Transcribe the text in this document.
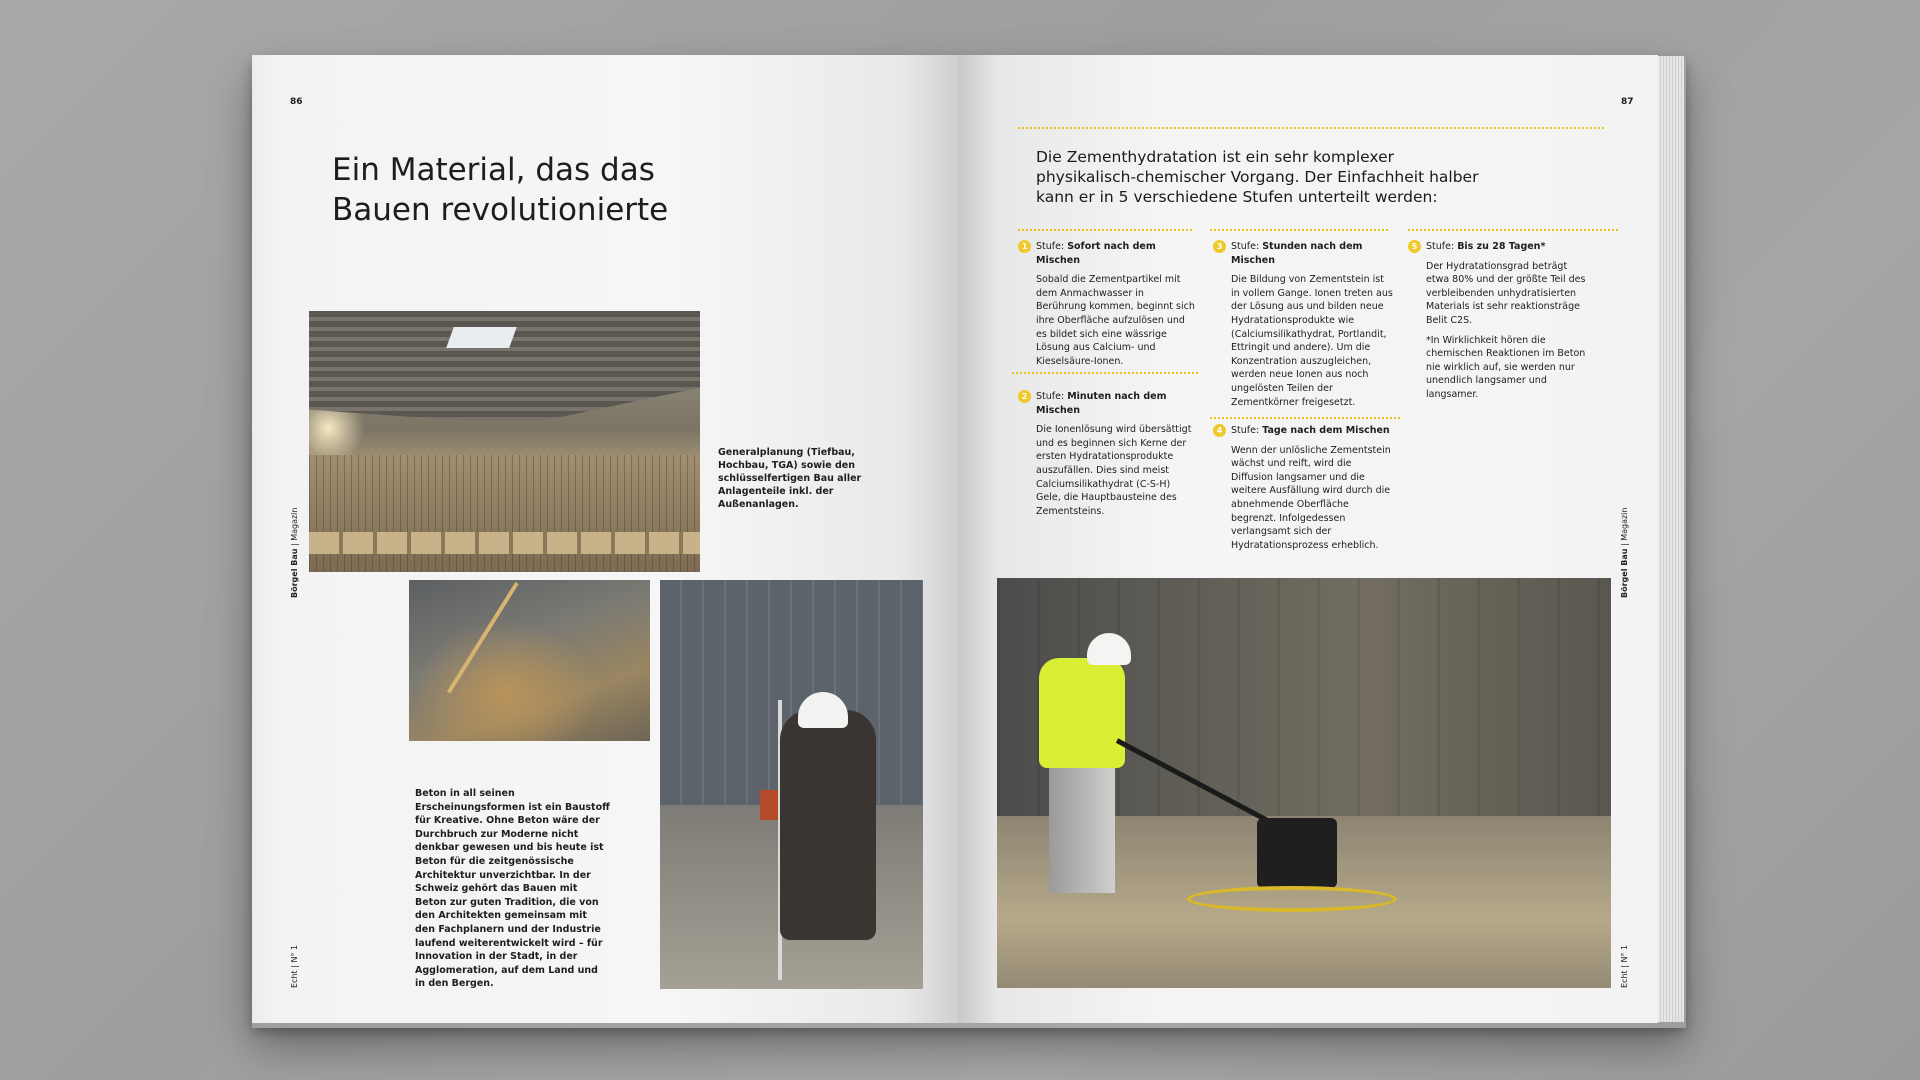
86
Börgel Bau | Magazin
Echt | N° 1
Ein Material, das das Bauen revolutionierte
Generalplanung (Tiefbau, Hochbau, TGA) sowie den schlüsselfertigen Bau aller Anlagenteile inkl. der Außenanlagen.
Beton in all seinen Erscheinungsformen ist ein Baustoff für Kreative. Ohne Beton wäre der Durchbruch zur Moderne nicht denkbar gewesen und bis heute ist Beton für die zeitgenössische Architektur unverzichtbar. In der Schweiz gehört das Bauen mit Beton zur guten Tradition, die von den Architekten gemeinsam mit den Fachplanern und der Industrie laufend weiterentwickelt wird – für Innovation in der Stadt, in der Agglomeration, auf dem Land und in den Bergen.
87
Börgel Bau | Magazin
Echt | N° 1

Die Zementhydratation ist ein sehr komplexer physikalisch-chemischer Vorgang. Der Einfachheit halber kann er in 5 verschiedene Stufen unterteilt werden:

1 Stufe: Sofort nach dem Mischen

Sobald die Zementpartikel mit dem Anmachwasser in Berührung kommen, beginnt sich ihre Oberfläche aufzulösen und es bildet sich eine wässrige Lösung aus Calcium- und Kieselsäure-Ionen.

2 Stufe: Minuten nach dem Mischen

Die Ionenlösung wird übersättigt und es beginnen sich Kerne der ersten Hydratationsprodukte auszufällen. Dies sind meist Calciumsilikathydrat (C-S-H) Gele, die Hauptbausteine des Zementsteins.

3 Stufe: Stunden nach dem Mischen

Die Bildung von Zementstein ist in vollem Gange. Ionen treten aus der Lösung aus und bilden neue Hydratationsprodukte wie (Calciumsilikathydrat, Portlandit, Ettringit und andere). Um die Konzentration auszugleichen, werden neue Ionen aus noch ungelösten Teilen der Zementkörner freigesetzt.

4 Stufe: Tage nach dem Mischen

Wenn der unlösliche Zementstein wächst und reift, wird die Diffusion langsamer und die weitere Ausfällung wird durch die abnehmende Oberfläche begrenzt. Infolgedessen verlangsamt sich der Hydratationsprozess erheblich.

5 Stufe: Bis zu 28 Tagen*

Der Hydratationsgrad beträgt etwa 80% und der größte Teil des verbleibenden unhydratisierten Materials ist sehr reaktionsträge Belit C2S.

*In Wirklichkeit hören die chemischen Reaktionen im Beton nie wirklich auf, sie werden nur unendlich langsamer und langsamer.
